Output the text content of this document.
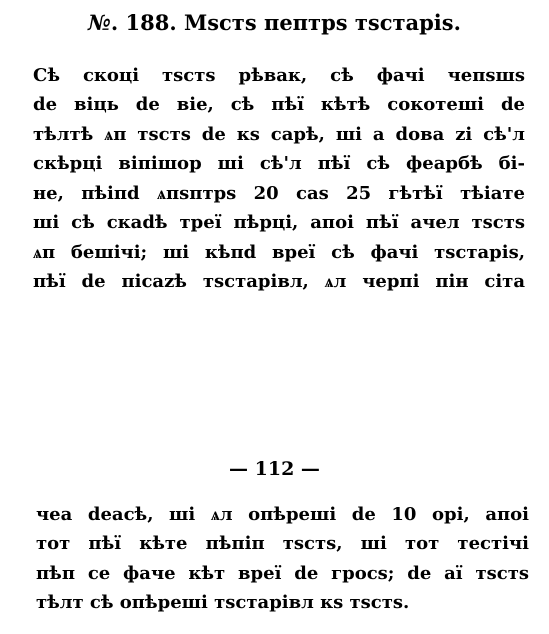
№. 188. Мѕстѕ пептрѕ тѕстаріѕ.
Сѣ скоці тѕстѕ рѣвак, сѣ фачі чепѕшѕ
de віць de віе, сѣ пѣї кѣтѣ сокотеші de
тѣлтѣ ѧп тѕстѕ de кѕ сарѣ, ші а dова zі сѣ'л
скѣрці віпішор ші сѣ'л пѣї сѣ феарбѣ бі-
не, пѣіпd ѧпѕптрѕ 20 саѕ 25 гѣтѣї тѣіате
ші сѣ скаdѣ треї пѣрці, апоі пѣї ачел тѕстѕ
ѧп бешічі; ші кѣпd вреї сѣ фачі тѕстаріѕ,
пѣї de пісаzѣ тѕстарівл, ѧл черпі пін сіта
— 112 —
чеа deасѣ, ші ѧл опѣреші de 10 орі, апоі
тот пѣї кѣте пѣпіп тѕстѕ, ші тот тестічі
пѣп се фаче кѣт вреї de гросѕ; de аї тѕстѕ
тѣлт сѣ опѣреші тѕстарівл кѕ тѕстѕ.
